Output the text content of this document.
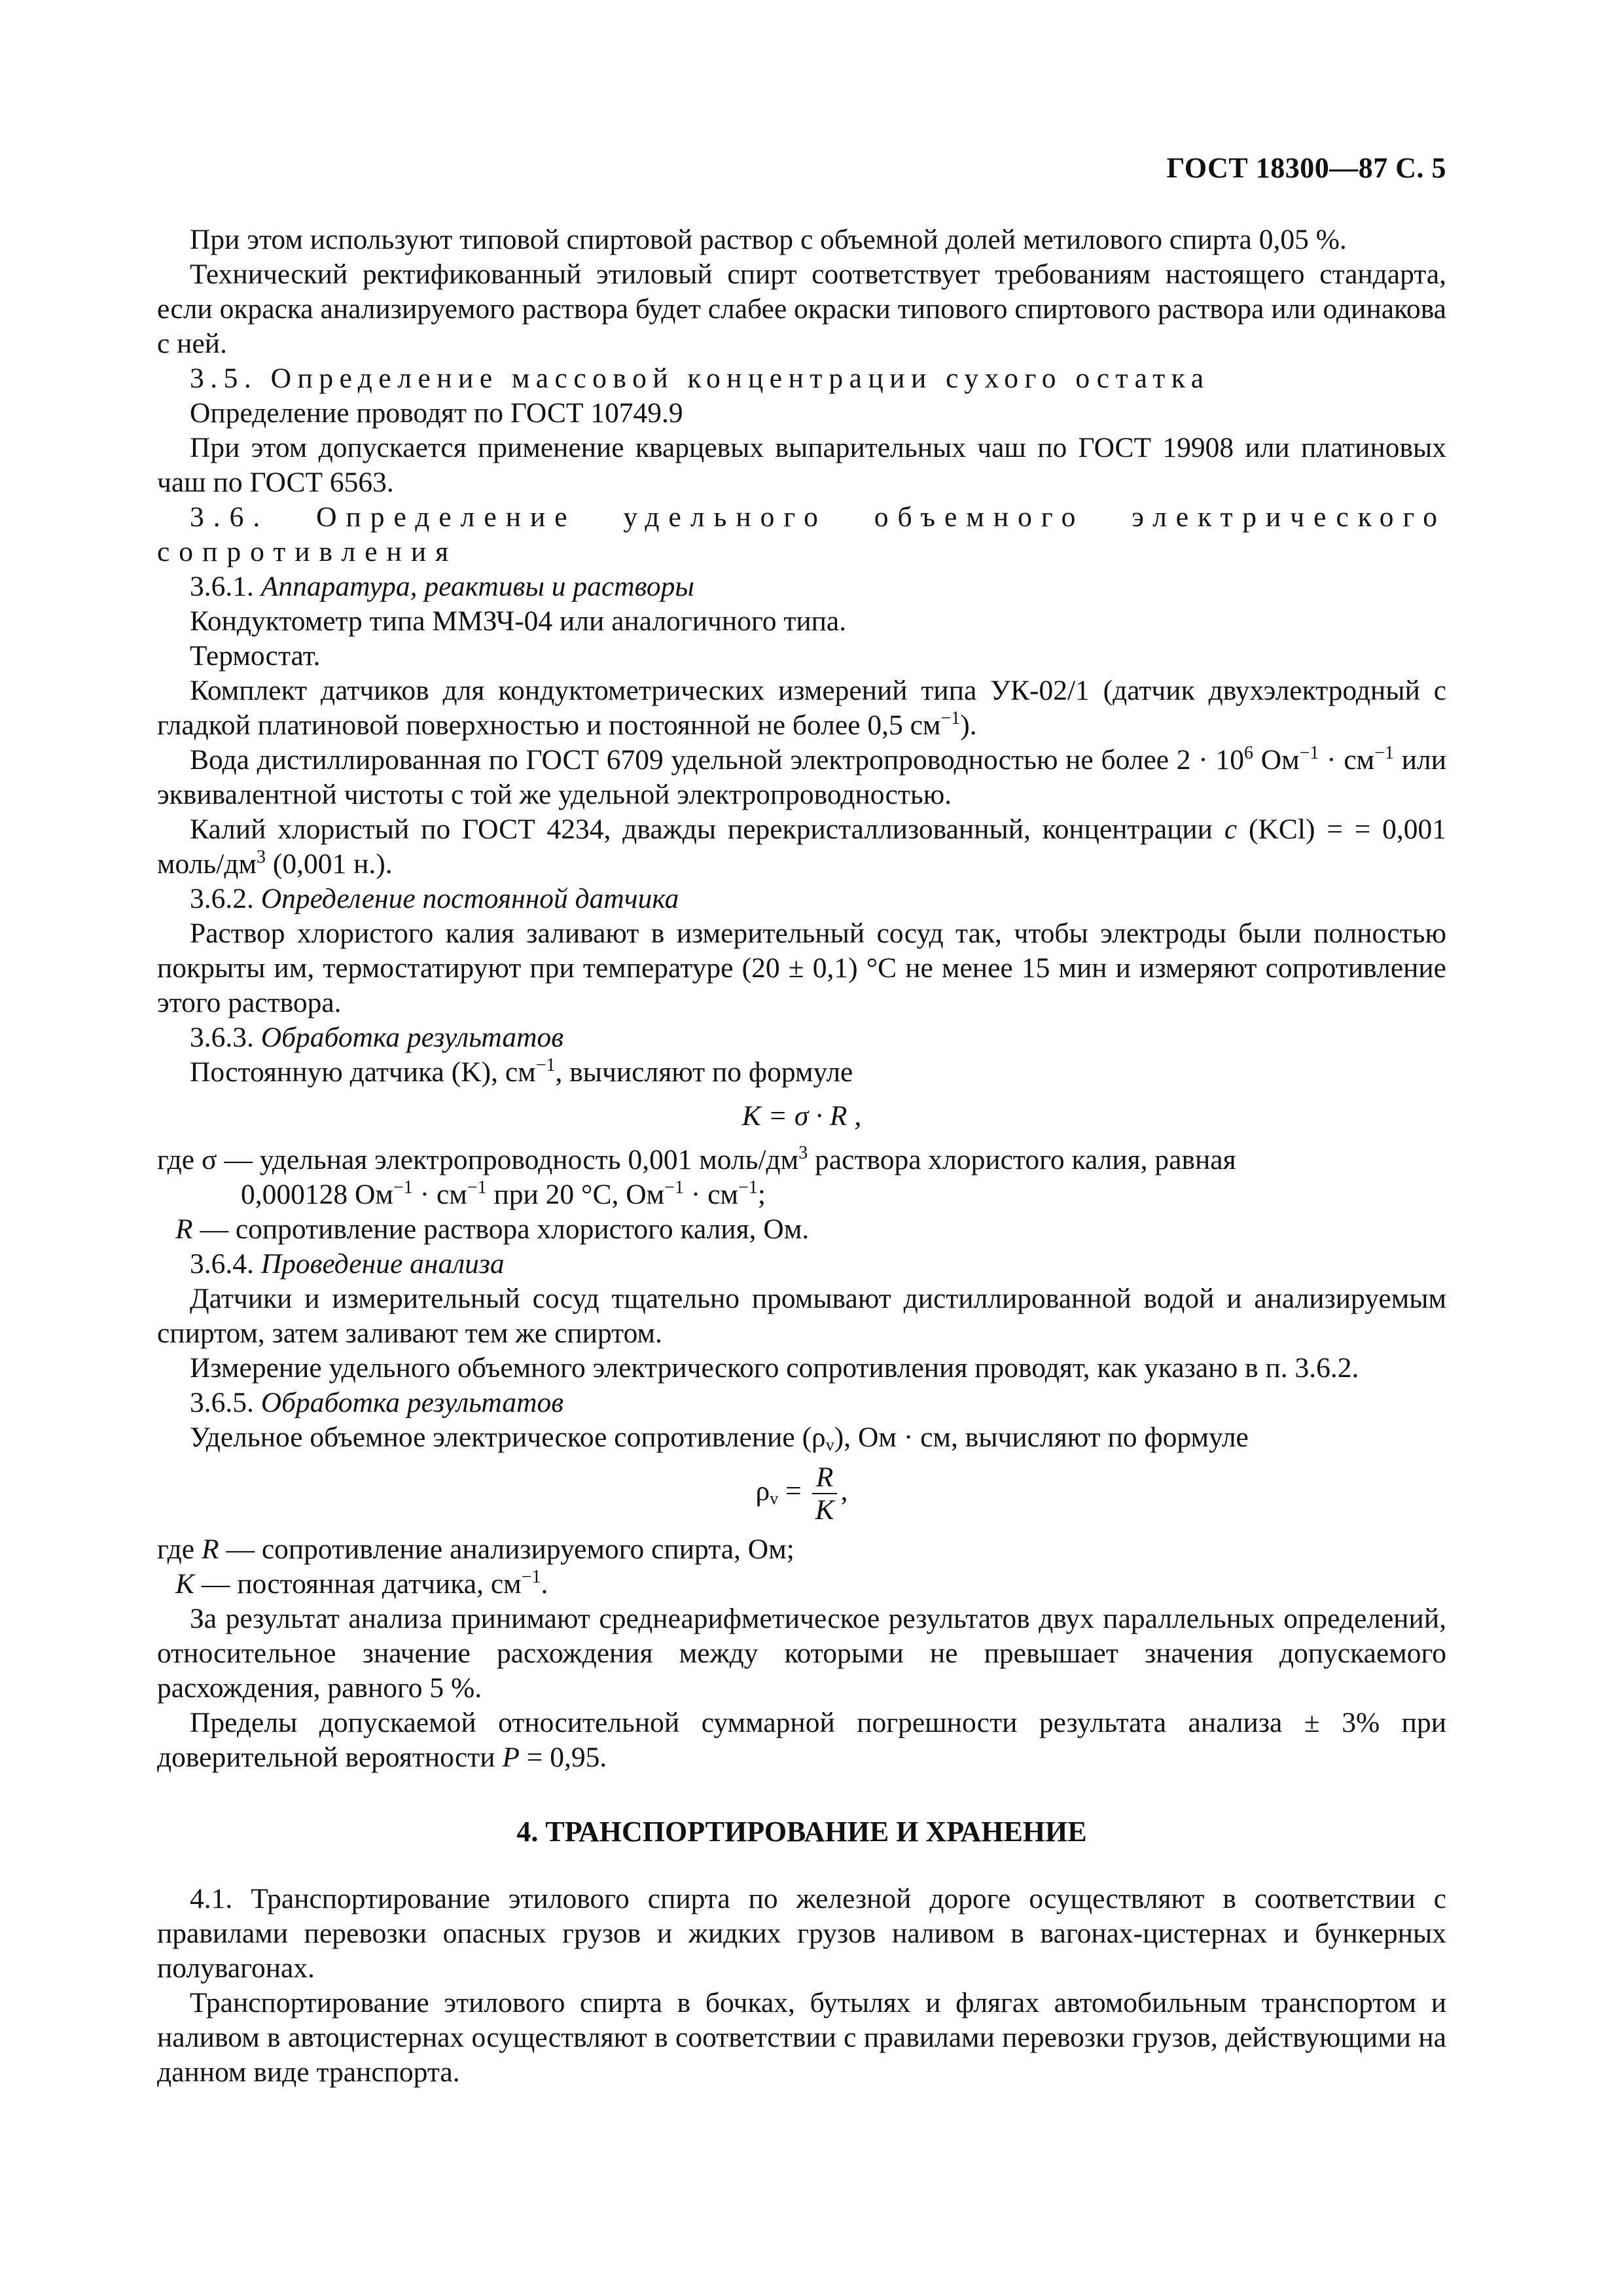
ГОСТ 18300—87 С. 5

При этом используют типовой спиртовой раствор с объемной долей метилового спирта 0,05 %.

Технический ректификованный этиловый спирт соответствует требованиям настоящего стандарта, если окраска анализируемого раствора будет слабее окраски типового спиртового раствора или одинакова с ней.

3.5. Определение массовой концентрации сухого остатка

Определение проводят по ГОСТ 10749.9

При этом допускается применение кварцевых выпарительных чаш по ГОСТ 19908 или платиновых чаш по ГОСТ 6563.

3.6. Определение удельного объемного электрического сопротивления

3.6.1. Аппаратура, реактивы и растворы

Кондуктометр типа ММЗЧ-04 или аналогичного типа.

Термостат.

Комплект датчиков для кондуктометрических измерений типа УК-02/1 (датчик двухэлектродный с гладкой платиновой поверхностью и постоянной не более 0,5 $см^{-1}$).

Вода дистиллированная по ГОСТ 6709 удельной электропроводностью не более $2 \cdot 10^6$ $Ом^{-1} \cdot см^{-1}$ или эквивалентной чистоты с той же удельной электропроводностью.

Калий хлористый по ГОСТ 4234, дважды перекристаллизованный, концентрации c (KCl) = = 0,001 моль/$дм^3$ (0,001 н.).

3.6.2. Определение постоянной датчика

Раствор хлористого калия заливают в измерительный сосуд так, чтобы электроды были полностью покрыты им, термостатируют при температуре (20 ± 0,1) °С не менее 15 мин и измеряют сопротивление этого раствора.

3.6.3. Обработка результатов

Постоянную датчика (K), $см^{-1}$, вычисляют по формуле

K = σ · R ,

где σ — удельная электропроводность 0,001 моль/$дм^3$ раствора хлористого калия, равная

0,000128 $Ом^{-1} \cdot см^{-1}$ при 20 °С, $Ом^{-1} \cdot см^{-1}$;

R — сопротивление раствора хлористого калия, Ом.

3.6.4. Проведение анализа

Датчики и измерительный сосуд тщательно промывают дистиллированной водой и анализируемым спиртом, затем заливают тем же спиртом.

Измерение удельного объемного электрического сопротивления проводят, как указано в п. 3.6.2.

3.6.5. Обработка результатов

Удельное объемное электрическое сопротивление $(\rho_v)$, Ом · см, вычисляют по формуле

$\rho_v = \frac{R}{K}$ ,

где R — сопротивление анализируемого спирта, Ом;

K — постоянная датчика, $см^{-1}$.

За результат анализа принимают среднеарифметическое результатов двух параллельных определений, относительное значение расхождения между которыми не превышает значения допускаемого расхождения, равного 5 %.

Пределы допускаемой относительной суммарной погрешности результата анализа ± 3% при доверительной вероятности P = 0,95.

4. ТРАНСПОРТИРОВАНИЕ И ХРАНЕНИЕ

4.1. Транспортирование этилового спирта по железной дороге осуществляют в соответствии с правилами перевозки опасных грузов и жидких грузов наливом в вагонах-цистернах и бункерных полувагонах.

Транспортирование этилового спирта в бочках, бутылях и флягах автомобильным транспортом и наливом в автоцистернах осуществляют в соответствии с правилами перевозки грузов, действующими на данном виде транспорта.
